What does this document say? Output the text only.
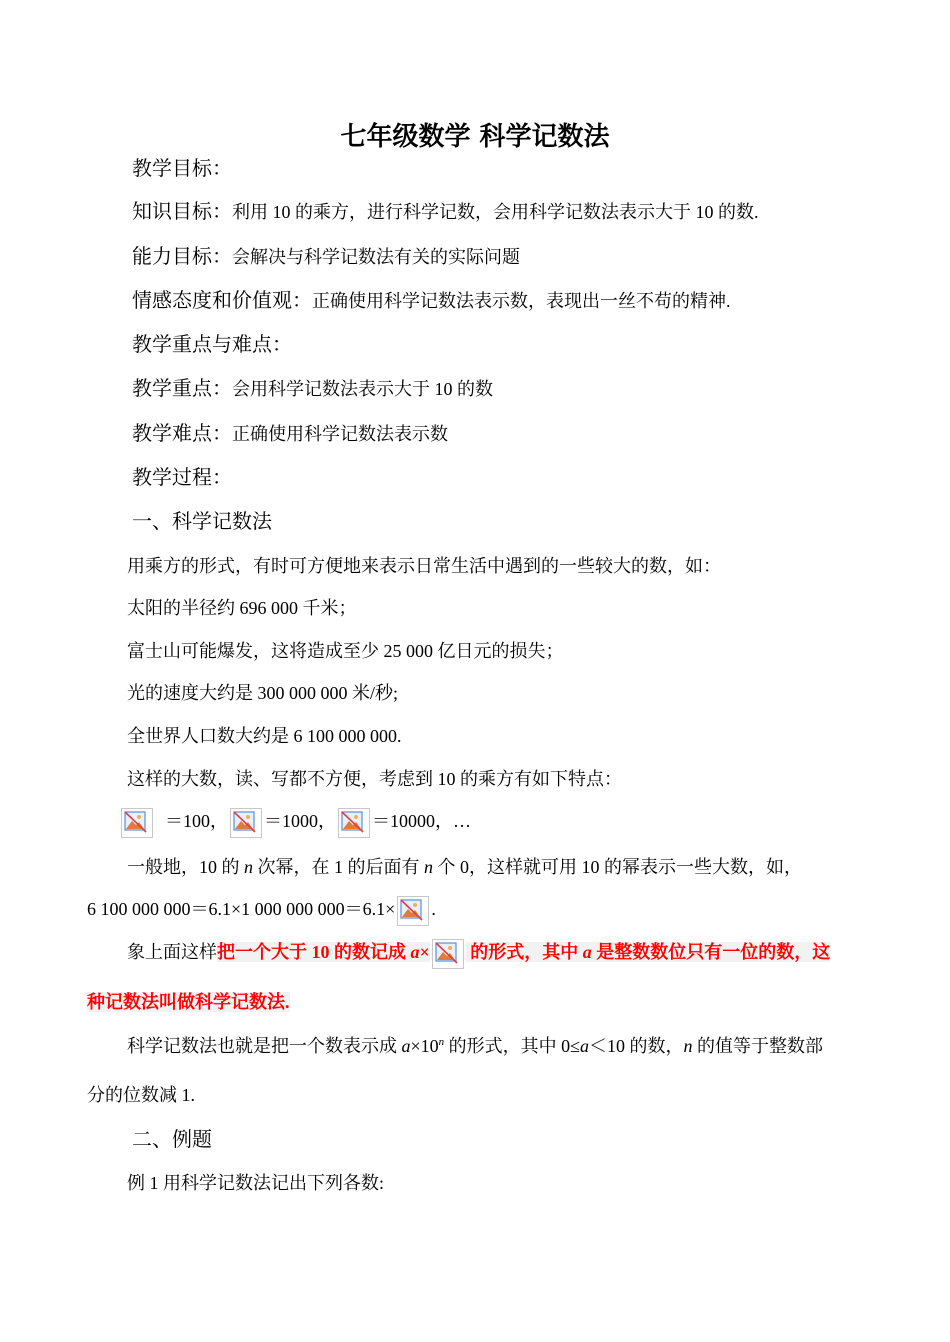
七年级数学 科学记数法
教学目标：
知识目标：利用 10 的乘方，进行科学记数，会用科学记数法表示大于 10 的数.
能力目标：会解决与科学记数法有关的实际问题
情感态度和价值观：正确使用科学记数法表示数，表现出一丝不苟的精神.
教学重点与难点：
教学重点：会用科学记数法表示大于 10 的数
教学难点：正确使用科学记数法表示数
教学过程：
一、科学记数法
用乘方的形式，有时可方便地来表示日常生活中遇到的一些较大的数，如：
太阳的半径约 696 000 千米；
富士山可能爆发，这将造成至少 25 000 亿日元的损失；
光的速度大约是 300 000 000 米/秒;
全世界人口数大约是 6 100 000 000.
这样的大数，读、写都不方便，考虑到 10 的乘方有如下特点：
＝100， ＝1000， ＝10000，…
一般地，10 的 n 次幂，在 1 的后面有 n 个 0，这样就可用 10 的幂表示一些大数，如，
6 100 000 000＝6.1×1 000 000 000＝6.1× .
象上面这样把一个大于 10 的数记成 a×
的形式，其中 a 是整数数位只有一位的数，这
种记数法叫做科学记数法.
科学记数法也就是把一个数表示成 $a\times 10^n$ 的形式，其中 0≤a＜10 的数，n 的值等于整数部
分的位数减 1.
二、例题
例 1 用科学记数法记出下列各数:
